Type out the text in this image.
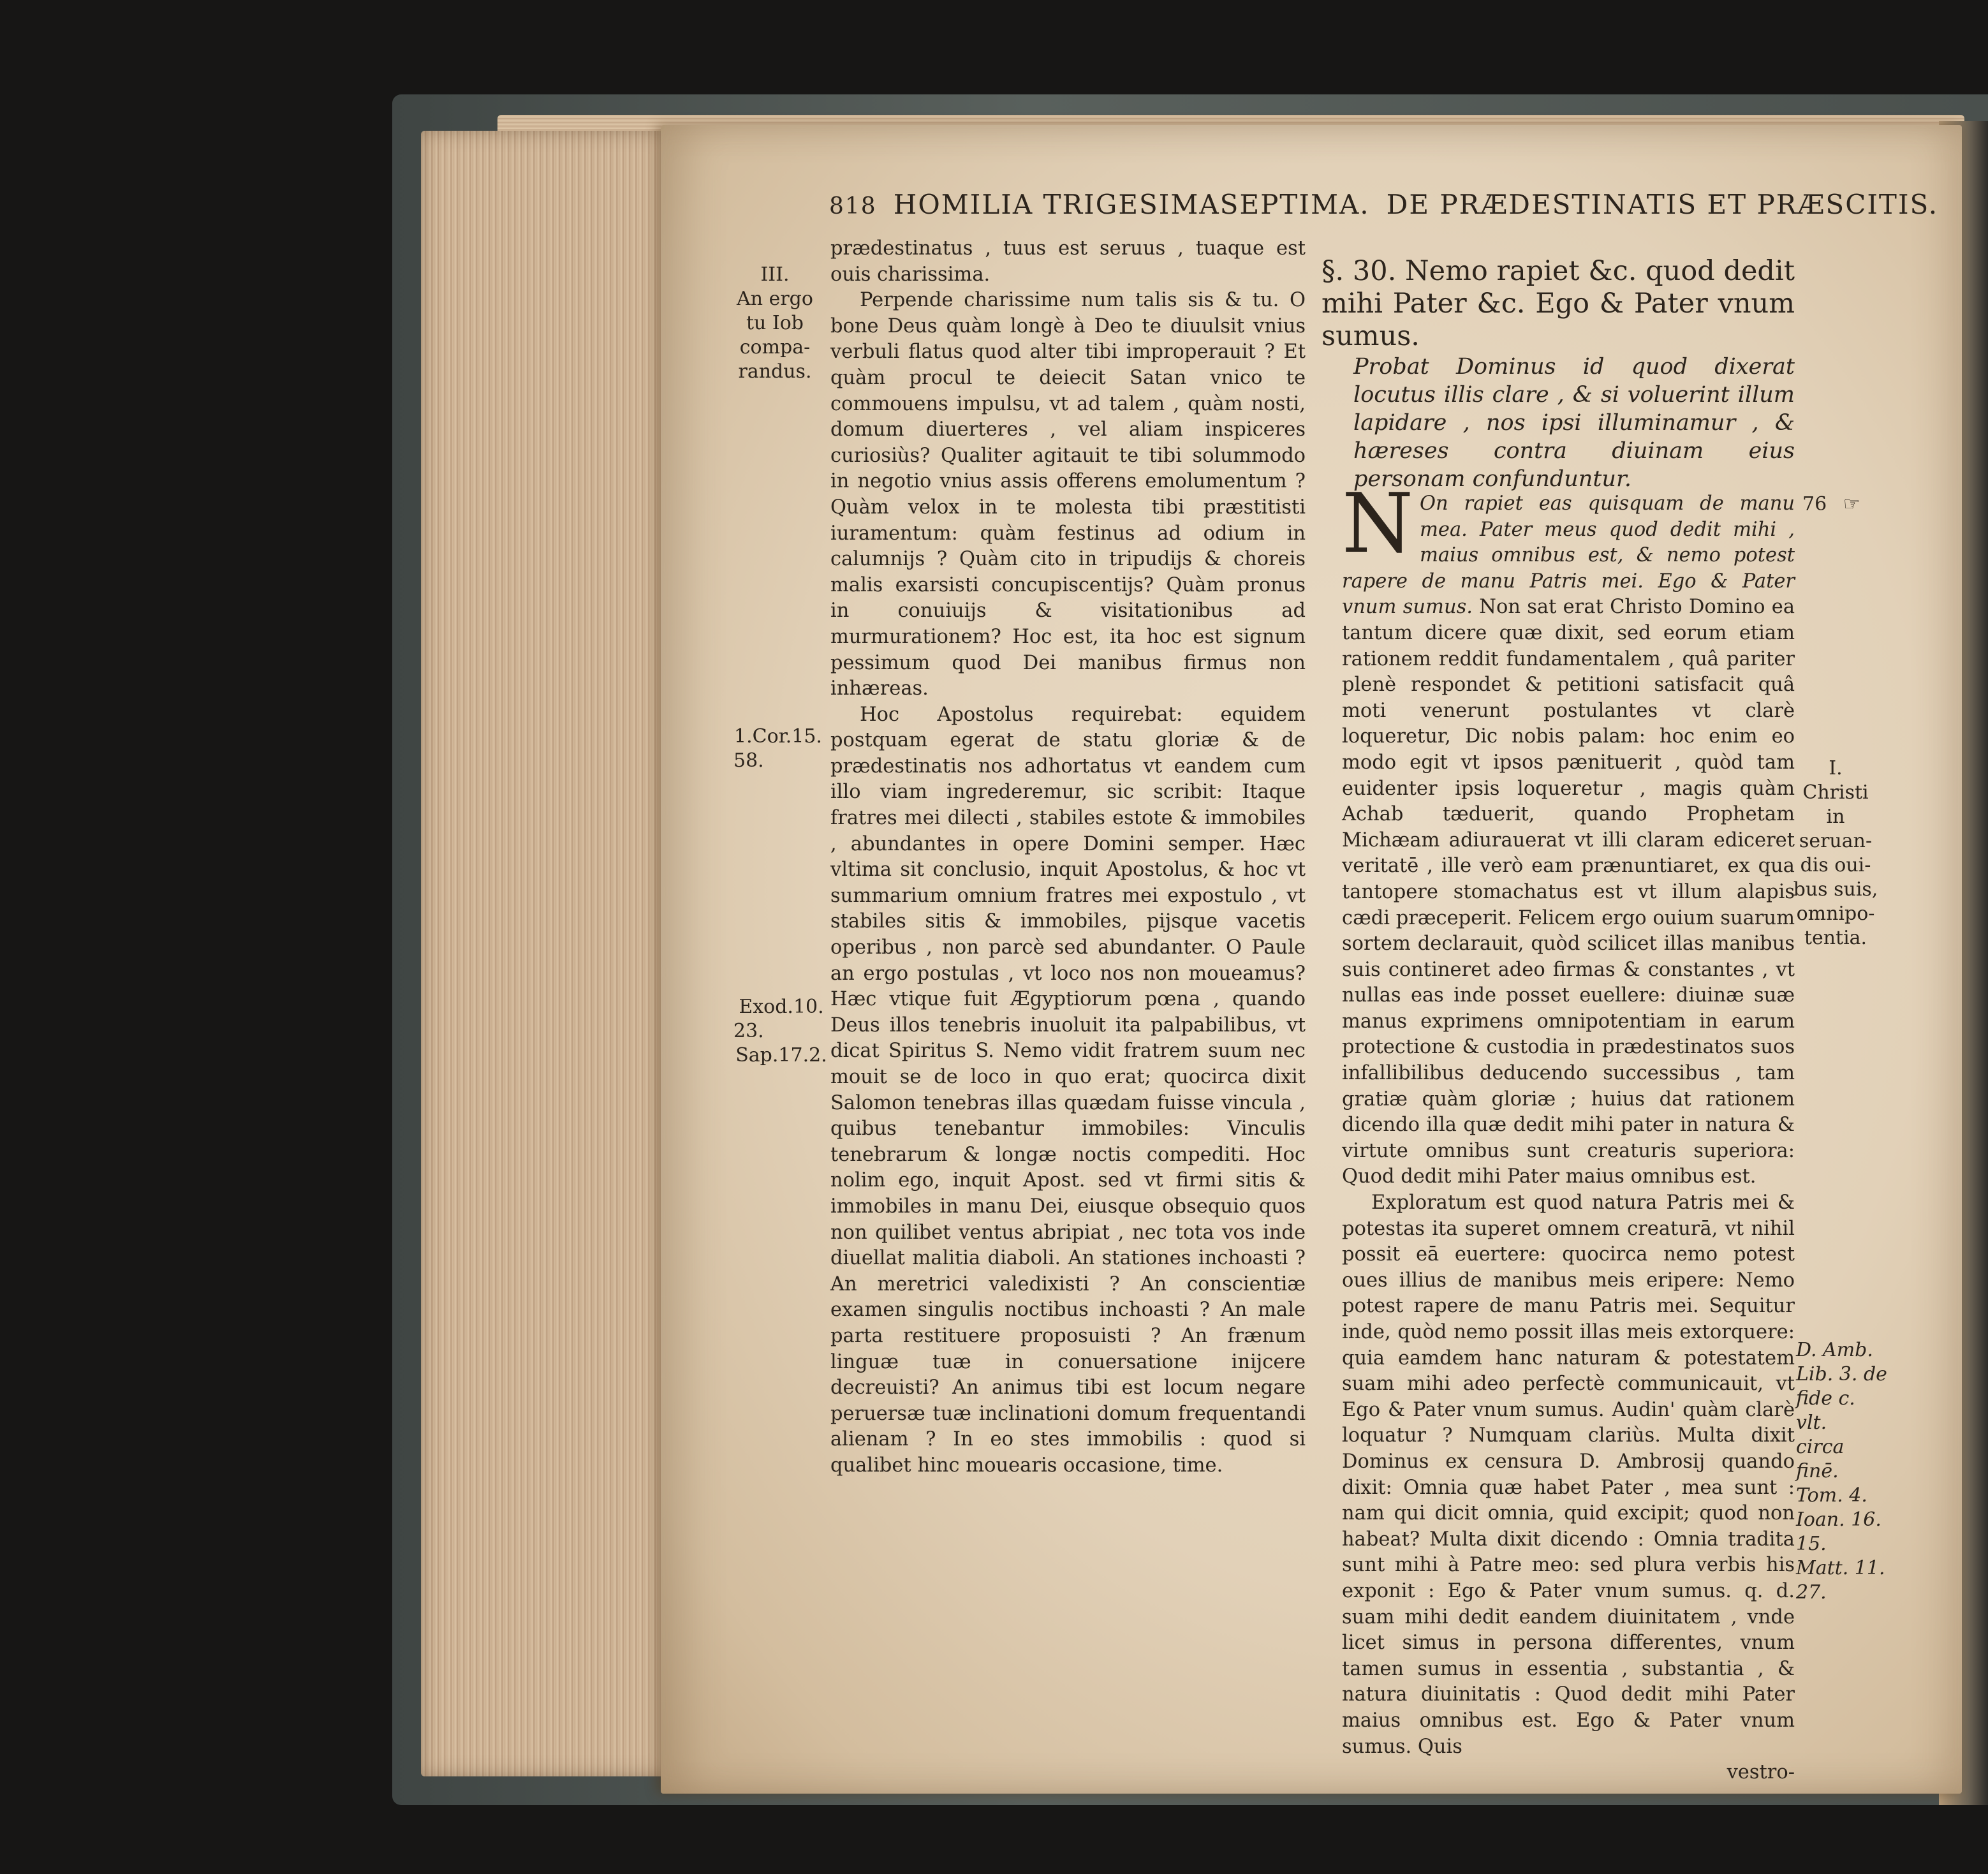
818 HOMILIA TRIGESIMASEPTIMA. DE PRÆDESTINATIS ET PRÆSCITIS.
III.
An ergo
tu Iob
compa-
randus.
1.Cor.15.
58.
Exod.10.
23.
Sap.17.2.

prædestinatus , tuus est seruus , tuaque est ouis charissima.

Perpende charissime num talis sis & tu. O bone Deus quàm longè à Deo te diuulsit vnius verbuli flatus quod alter tibi improperauit ? Et quàm procul te deiecit Satan vnico te commouens impulsu, vt ad talem , quàm nosti, domum diuerteres , vel aliam inspiceres curiosiùs? Qualiter agitauit te tibi solummodo in negotio vnius assis offerens emolumentum ? Quàm velox in te molesta tibi præstitisti iuramentum: quàm festinus ad odium in calumnijs ? Quàm cito in tripudijs & choreis malis exarsisti concupiscentijs? Quàm pronus in conuiuijs & visitationibus ad murmurationem? Hoc est, ita hoc est signum pessimum quod Dei manibus firmus non inhæreas.

Hoc Apostolus requirebat: equidem postquam egerat de statu gloriæ & de prædestinatis nos adhortatus vt eandem cum illo viam ingrederemur, sic scribit: Itaque fratres mei dilecti , stabiles estote & immobiles , abundantes in opere Domini semper. Hæc vltima sit conclusio, inquit Apostolus, & hoc vt summarium omnium fratres mei expostulo , vt stabiles sitis & immobiles, pijsque vacetis operibus , non parcè sed abundanter. O Paule an ergo postulas , vt loco nos non moueamus? Hæc vtique fuit Ægyptiorum pœna , quando Deus illos tenebris inuoluit ita palpabilibus, vt dicat Spiritus S. Nemo vidit fratrem suum nec mouit se de loco in quo erat; quocirca dixit Salomon tenebras illas quædam fuisse vincula , quibus tenebantur immobiles: Vinculis tenebrarum & longæ noctis compediti. Hoc nolim ego, inquit Apost. sed vt firmi sitis & immobiles in manu Dei, eiusque obsequio quos non quilibet ventus abripiat , nec tota vos inde diuellat malitia diaboli. An stationes inchoasti ? An meretrici valedixisti ? An conscientiæ examen singulis noctibus inchoasti ? An male parta restituere proposuisti ? An frænum linguæ tuæ in conuersatione inijcere decreuisti? An animus tibi est locum negare peruersæ tuæ inclinationi domum frequentandi alienam ? In eo stes immobilis : quod si qualibet hinc mouearis occasione, time.

§. 30. Nemo rapiet &c. quod dedit mihi Pater &c. Ego & Pater vnum sumus.
Probat Dominus id quod dixerat locutus illis clare , & si voluerint illum lapidare , nos ipsi illuminamur , & hæreses contra diuinam eius personam confunduntur.

N On rapiet eas quisquam de manu mea. Pater meus quod dedit mihi , maius omnibus est, & nemo potest rapere de manu Patris mei. Ego & Pater vnum sumus. Non sat erat Christo Domino ea tantum dicere quæ dixit, sed eorum etiam rationem reddit fundamentalem , quâ pariter plenè respondet & petitioni satisfacit quâ moti venerunt postulantes vt clarè loqueretur, Dic nobis palam: hoc enim eo modo egit vt ipsos pænituerit , quòd tam euidenter ipsis loqueretur , magis quàm Achab tæduerit, quando Prophetam Michæam adiurauerat vt illi claram ediceret veritatē , ille verò eam prænuntiaret, ex qua tantopere stomachatus est vt illum alapis cædi præceperit. Felicem ergo ouium suarum sortem declarauit, quòd scilicet illas manibus suis contineret adeo firmas & constantes , vt nullas eas inde posset euellere: diuinæ suæ manus exprimens omnipotentiam in earum protectione & custodia in prædestinatos suos infallibilibus deducendo successibus , tam gratiæ quàm gloriæ ; huius dat rationem dicendo illa quæ dedit mihi pater in natura & virtute omnibus sunt creaturis superiora: Quod dedit mihi Pater maius omnibus est.

Exploratum est quod natura Patris mei & potestas ita superet omnem creaturā, vt nihil possit eā euertere: quocirca nemo potest oues illius de manibus meis eripere: Nemo potest rapere de manu Patris mei. Sequitur inde, quòd nemo possit illas meis extorquere: quia eamdem hanc naturam & potestatem suam mihi adeo perfectè communicauit, vt Ego & Pater vnum sumus. Audin' quàm clarè loquatur ? Numquam clariùs. Multa dixit Dominus ex censura D. Ambrosij quando dixit: Omnia quæ habet Pater , mea sunt : nam qui dicit omnia, quid excipit; quod non habeat? Multa dixit dicendo : Omnia tradita sunt mihi à Patre meo: sed plura verbis his exponit : Ego & Pater vnum sumus. q. d. suam mihi dedit eandem diuinitatem , vnde licet simus in persona differentes, vnum tamen sumus in essentia , substantia , & natura diuinitatis : Quod dedit mihi Pater maius omnibus est. Ego & Pater vnum sumus. Quis

vestro-

76 ☞
I.
Christi
in seruan-
dis oui-
bus suis,
omnipo-
tentia.
D. Amb.
Lib. 3. de
fide c. vlt.
circa finē.
Tom. 4.
Ioan. 16.
15.
Matt. 11.
27.
